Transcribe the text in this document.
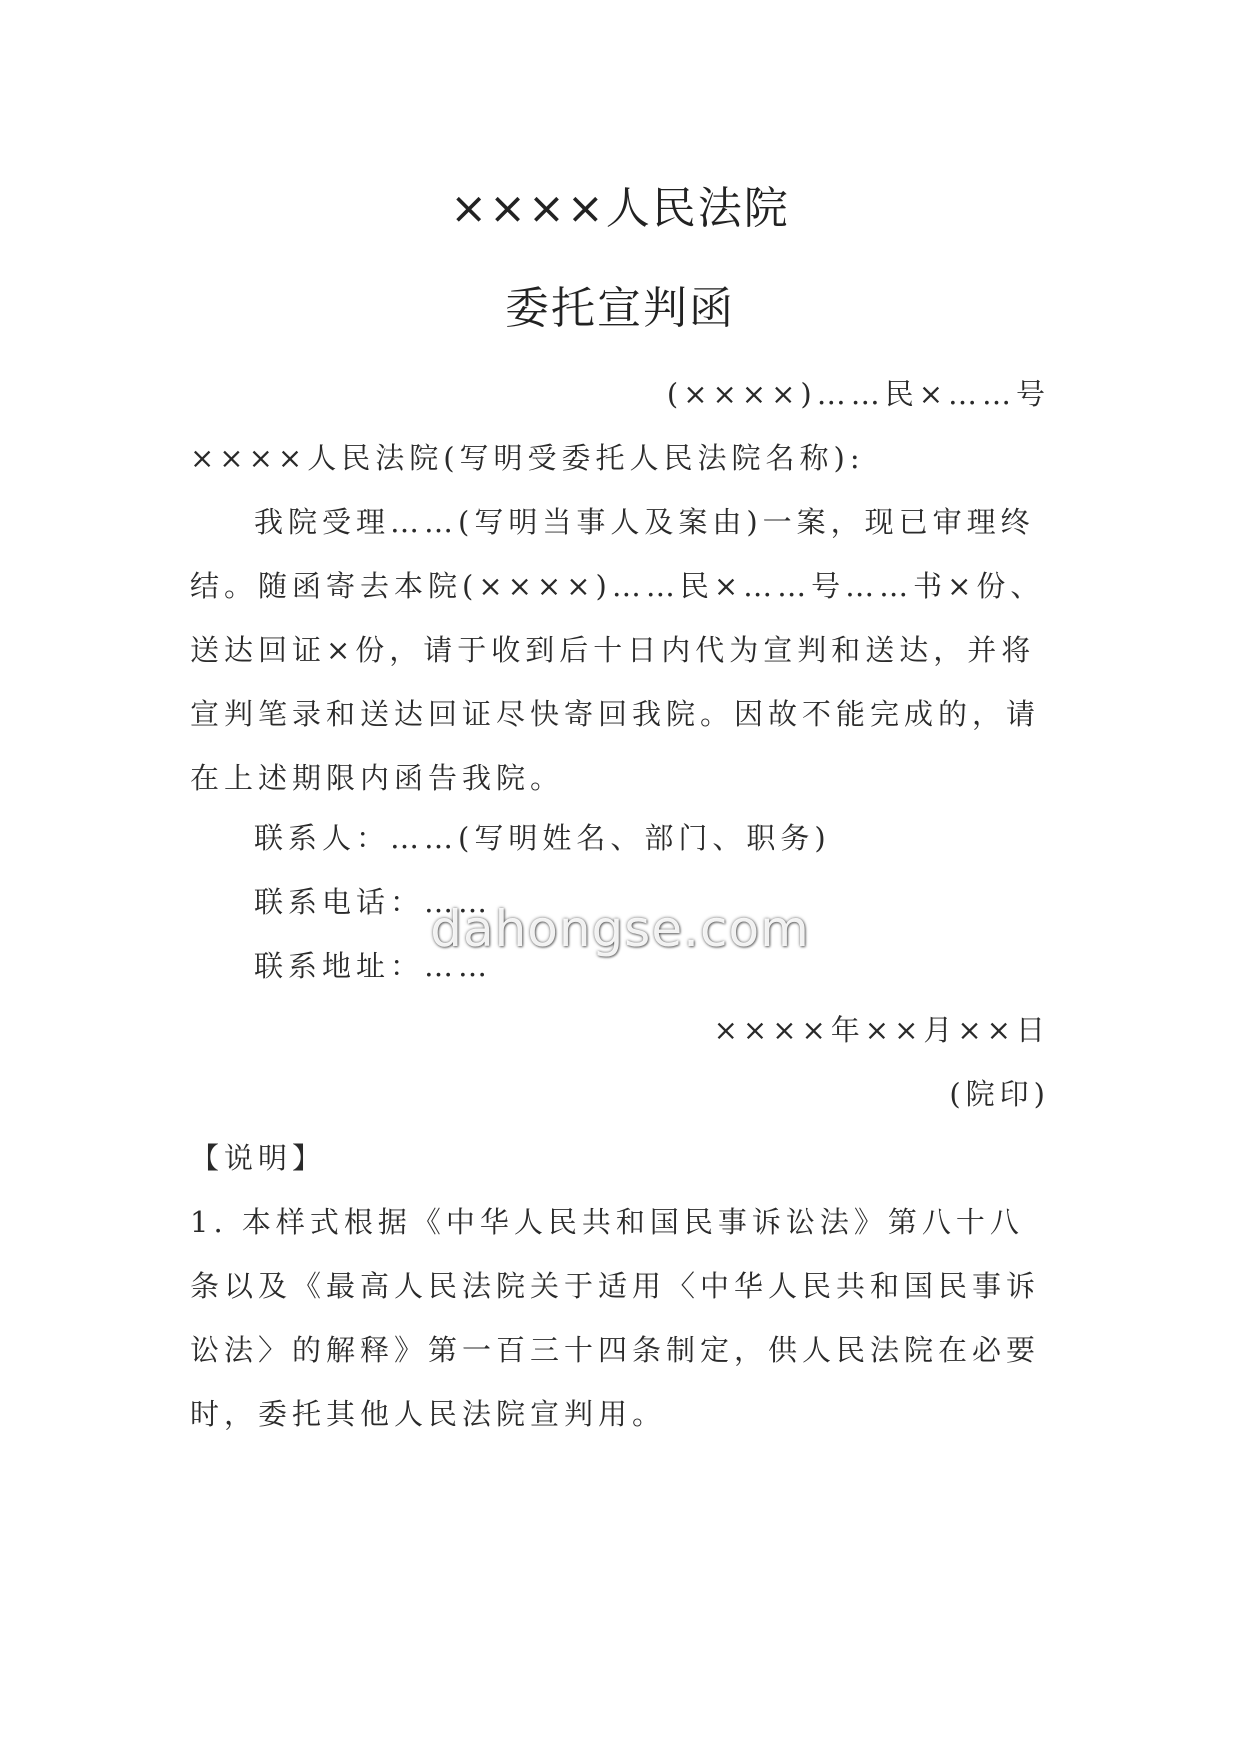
××××人民法院
委托宣判函
(××××)……民×……号
××××人民法院(写明受委托人民法院名称):
我院受理……(写明当事人及案由)一案，现已审理终结。随函寄去本院(××××)……民×……号……书×份、送达回证×份，请于收到后十日内代为宣判和送达，并将宣判笔录和送达回证尽快寄回我院。因故不能完成的，请在上述期限内函告我院。
联系人：……(写明姓名、部门、职务)
联系电话：……
联系地址：……
××××年××月××日
(院印)
【说明】
1. 本样式根据《中华人民共和国民事诉讼法》第八十八条以及《最高人民法院关于适用〈中华人民共和国民事诉讼法〉的解释》第一百三十四条制定，供人民法院在必要时，委托其他人民法院宣判用。
dahongse.com
